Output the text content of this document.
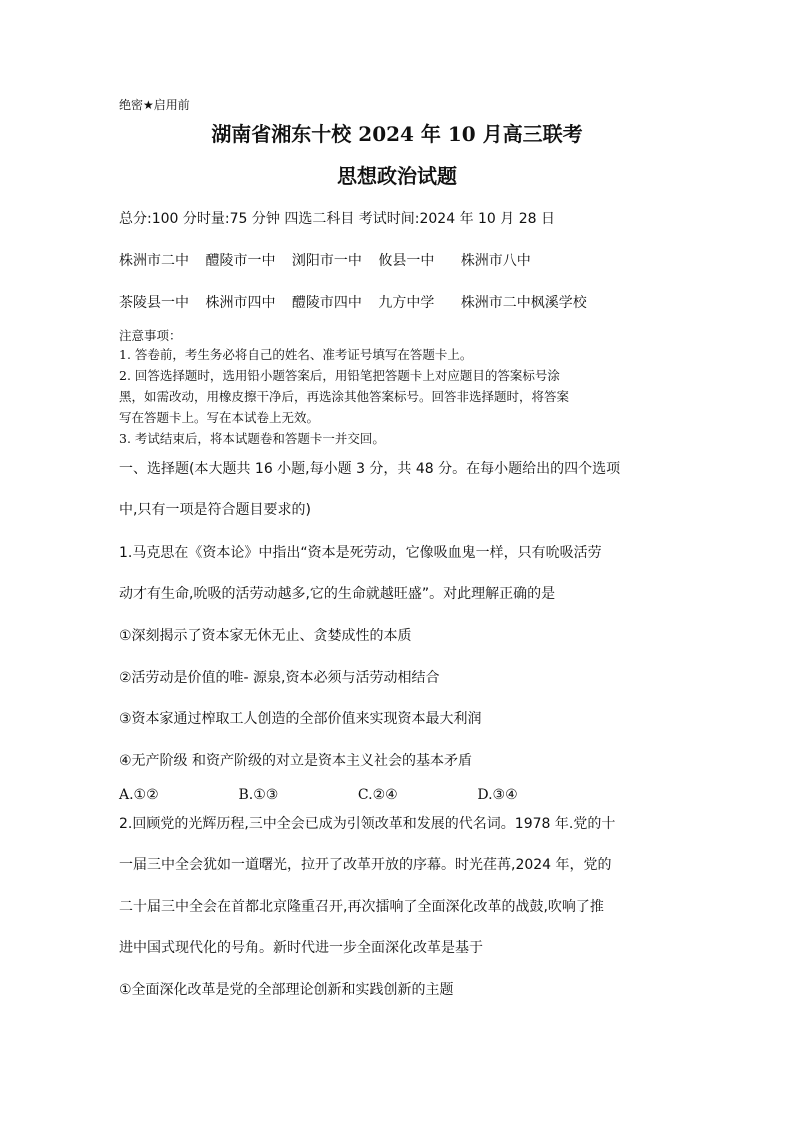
绝密★启用前
湖南省湘东十校 2024 年 10 月高三联考
思想政治试题
总分:100 分时量:75 分钟 四选二科目 考试时间:2024 年 10 月 28 日
株洲市二中 醴陵市一中 浏阳市一中 攸县一中 株洲市八中
茶陵县一中 株洲市四中 醴陵市四中 九方中学 株洲市二中枫溪学校
注意事项：
1. 答卷前，考生务必将自己的姓名、准考证号填写在答题卡上。
2. 回答选择题时，选用铅小题答案后，用铅笔把答题卡上对应题目的答案标号涂
黑，如需改动，用橡皮擦干净后，再选涂其他答案标号。回答非选择题时，将答案
写在答题卡上。写在本试卷上无效。
3. 考试结束后，将本试题卷和答题卡一并交回。
一、选择题(本大题共 16 小题,每小题 3 分，共 48 分。在每小题给出的四个选项
中,只有一项是符合题目要求的)
1.马克思在《资本论》中指出“资本是死劳动，它像吸血鬼一样，只有吮吸活劳
动才有生命,吮吸的活劳动越多,它的生命就越旺盛”。对此理解正确的是
①深刻揭示了资本家无休无止、贪婪成性的本质
②活劳动是价值的唯- 源泉,资本必须与活劳动相结合
③资本家通过榨取工人创造的全部价值来实现资本最大利润
④无产阶级 和资产阶级的对立是资本主义社会的基本矛盾
A.①②	B.①③	C.②④	D.③④
2.回顾党的光辉历程,三中全会已成为引领改革和发展的代名词。1978 年.党的十
一届三中全会犹如一道曙光，拉开了改革开放的序幕。时光荏苒,2024 年，党的
二十届三中全会在首都北京隆重召开,再次擂响了全面深化改革的战鼓,吹响了推
进中国式现代化的号角。新时代进一步全面深化改革是基于
①全面深化改革是党的全部理论创新和实践创新的主题
